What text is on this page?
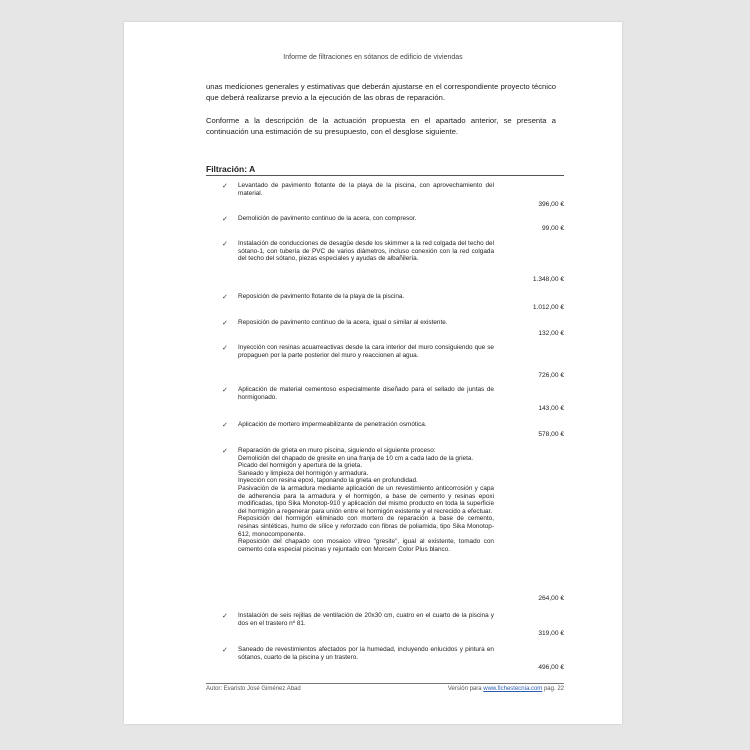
Informe de filtraciones en sótanos de edificio de viviendas
unas mediciones generales y estimativas que deberán ajustarse en el correspondiente proyecto técnico que deberá realizarse previo a la ejecución de las obras de reparación.
Conforme a la descripción de la actuación propuesta en el apartado anterior, se presenta a continuación una estimación de su presupuesto, con el desglose siguiente.
Filtración: A
✓ Levantado de pavimento flotante de la playa de la piscina, con aprovechamiento del material.
396,00 €
✓ Demolición de pavimento continuo de la acera, con compresor.
99,00 €
✓ Instalación de conducciones de desagüe desde los skimmer a la red colgada del techo del sótano-1, con tubería de PVC de varios diámetros, incluso conexión con la red colgada del techo del sótano, piezas especiales y ayudas de albañilería.
1.348,00 €
✓ Reposición de pavimento flotante de la playa de la piscina.
1.012,00 €
✓ Reposición de pavimento continuo de la acera, igual o similar al existente.
132,00 €
✓ Inyección con resinas acuarreactivas desde la cara interior del muro consiguiendo que se propaguen por la parte posterior del muro y reaccionen al agua.
726,00 €
✓ Aplicación de material cementoso especialmente diseñado para el sellado de juntas de hormigonado.
143,00 €
✓ Aplicación de mortero impermeabilizante de penetración osmótica.
578,00 €
✓ Reparación de grieta en muro piscina, siguiendo el siguiente proceso:
Demolición del chapado de gresite en una franja de 10 cm a cada lado de la grieta.
Picado del hormigón y apertura de la grieta.
Saneado y limpieza del hormigón y armadura.
Inyección con resina epoxi, taponando la grieta en profundidad.
Pasivación de la armadura mediante aplicación de un revestimiento anticorrosión y capa de adherencia para la armadura y el hormigón, a base de cemento y resinas epoxi modificadas, tipo Sika Monotop-910 y aplicación del mismo producto en toda la superficie del hormigón a regenerar para unión entre el hormigón existente y el recrecido a efectuar.
Reposición del hormigón eliminado con mortero de reparación a base de cemento, resinas sintéticas, humo de sílice y reforzado con fibras de poliamida, tipo Sika Monotop-612, monocomponente.
Reposición del chapado con mosaico vítreo "gresite", igual al existente, tomado con cemento cola especial piscinas y rejuntado con Morcem Color Plus blanco.
264,00 €
✓ Instalación de seis rejillas de ventilación de 20x30 cm, cuatro en el cuarto de la piscina y dos en el trastero nº 81.
319,00 €
✓ Saneado de revestimientos afectados por la humedad, incluyendo enlucidos y pintura en sótanos, cuarto de la piscina y un trastero.
496,00 €
Autor: Evaristo José Giménez Abad	Versión para www.fichestecnia.com pag. 22
